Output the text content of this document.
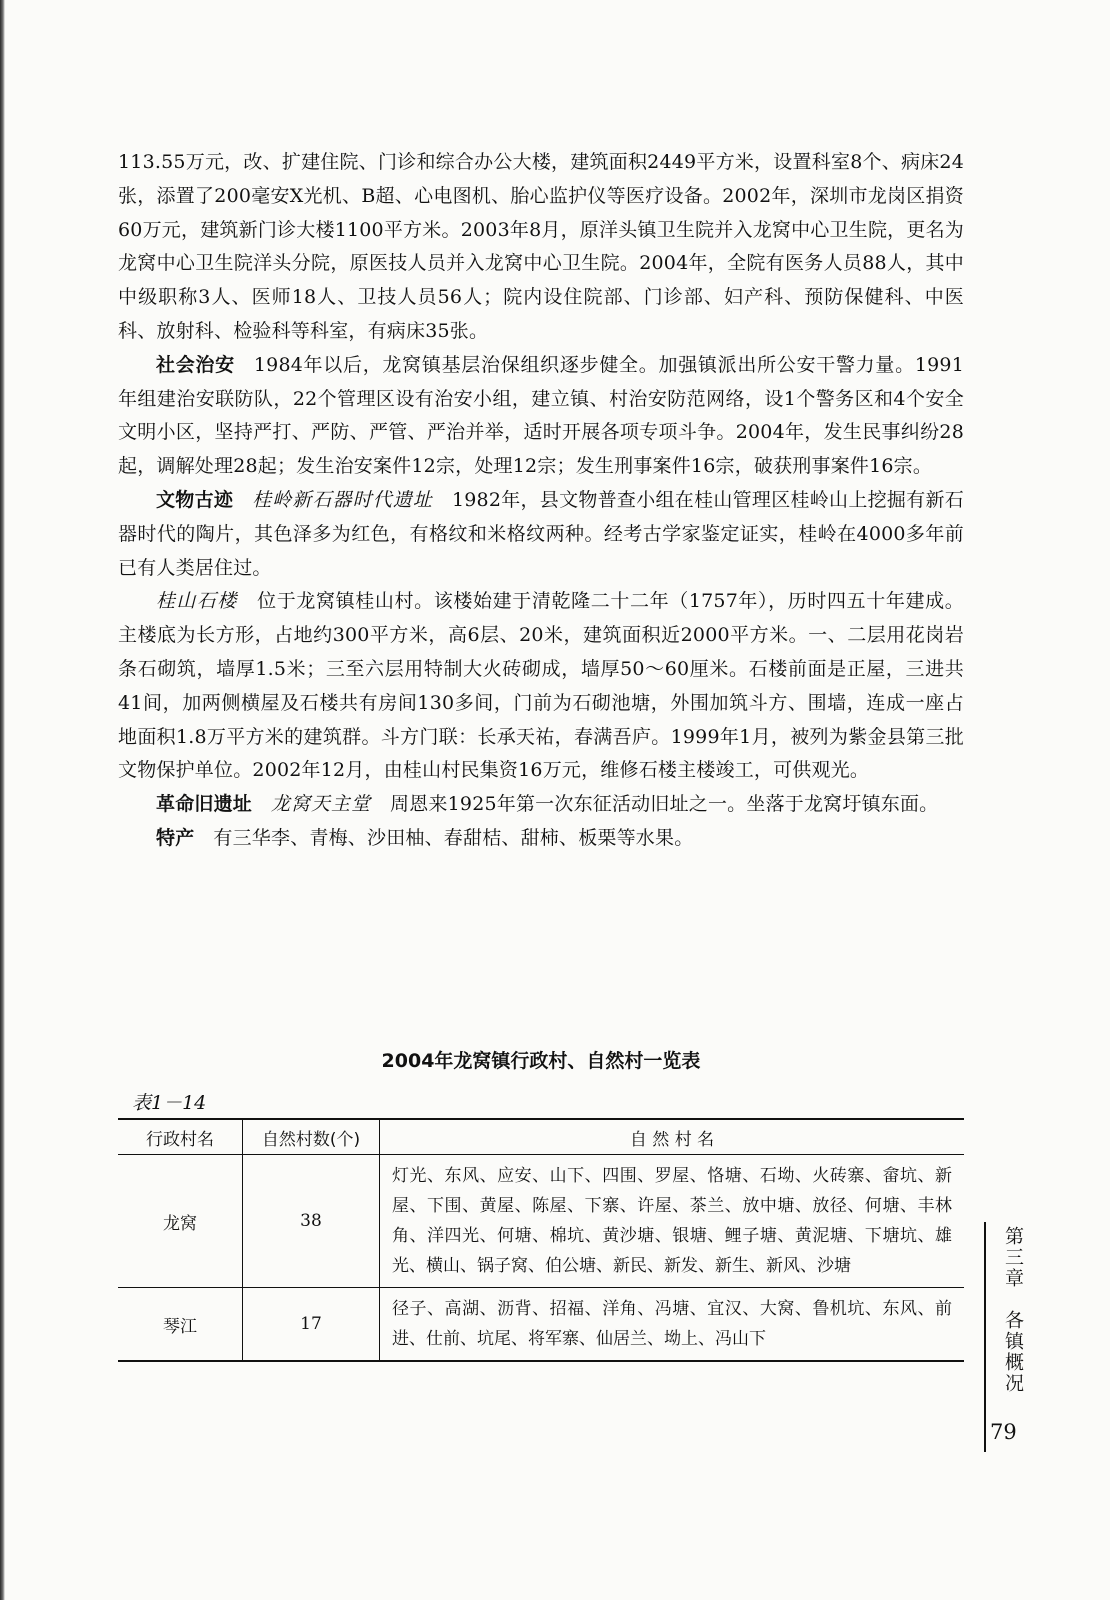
113.55万元，改、扩建住院、门诊和综合办公大楼，建筑面积2449平方米，设置科室8个、病床24张，添置了200毫安X光机、B超、心电图机、胎心监护仪等医疗设备。2002年，深圳市龙岗区捐资60万元，建筑新门诊大楼1100平方米。2003年8月，原洋头镇卫生院并入龙窝中心卫生院，更名为龙窝中心卫生院洋头分院，原医技人员并入龙窝中心卫生院。2004年，全院有医务人员88人，其中中级职称3人、医师18人、卫技人员56人；院内设住院部、门诊部、妇产科、预防保健科、中医科、放射科、检验科等科室，有病床35张。

社会治安 1984年以后，龙窝镇基层治保组织逐步健全。加强镇派出所公安干警力量。1991年组建治安联防队，22个管理区设有治安小组，建立镇、村治安防范网络，设1个警务区和4个安全文明小区，坚持严打、严防、严管、严治并举，适时开展各项专项斗争。2004年，发生民事纠纷28起，调解处理28起；发生治安案件12宗，处理12宗；发生刑事案件16宗，破获刑事案件16宗。

文物古迹 桂岭新石器时代遗址 1982年，县文物普查小组在桂山管理区桂岭山上挖掘有新石器时代的陶片，其色泽多为红色，有格纹和米格纹两种。经考古学家鉴定证实，桂岭在4000多年前已有人类居住过。

桂山石楼 位于龙窝镇桂山村。该楼始建于清乾隆二十二年（1757年），历时四五十年建成。主楼底为长方形，占地约300平方米，高6层、20米，建筑面积近2000平方米。一、二层用花岗岩条石砌筑，墙厚1.5米；三至六层用特制大火砖砌成，墙厚50～60厘米。石楼前面是正屋，三进共41间，加两侧横屋及石楼共有房间130多间，门前为石砌池塘，外围加筑斗方、围墙，连成一座占地面积1.8万平方米的建筑群。斗方门联：长承天祐，春满吾庐。1999年1月，被列为紫金县第三批文物保护单位。2002年12月，由桂山村民集资16万元，维修石楼主楼竣工，可供观光。

革命旧遗址 龙窝天主堂 周恩来1925年第一次东征活动旧址之一。坐落于龙窝圩镇东面。

特产 有三华李、青梅、沙田柚、春甜桔、甜柿、板栗等水果。

2004年龙窝镇行政村、自然村一览表
表1－14
行政村名	自然村数(个)	自 然 村 名
龙窝	38	灯光、东风、应安、山下、四围、罗屋、恪塘、石坳、火砖寨、畲坑、新屋、下围、黄屋、陈屋、下寨、许屋、茶兰、放中塘、放径、何塘、丰林角、洋四光、何塘、棉坑、黄沙塘、银塘、鲤子塘、黄泥塘、下塘坑、雄光、横山、锅子窝、伯公塘、新民、新发、新生、新风、沙塘
琴江	17	径子、高湖、沥背、招福、洋角、冯塘、宜汉、大窝、鲁机坑、东风、前进、仕前、坑尾、将军寨、仙居兰、坳上、冯山下	第三章　各镇概况
79
